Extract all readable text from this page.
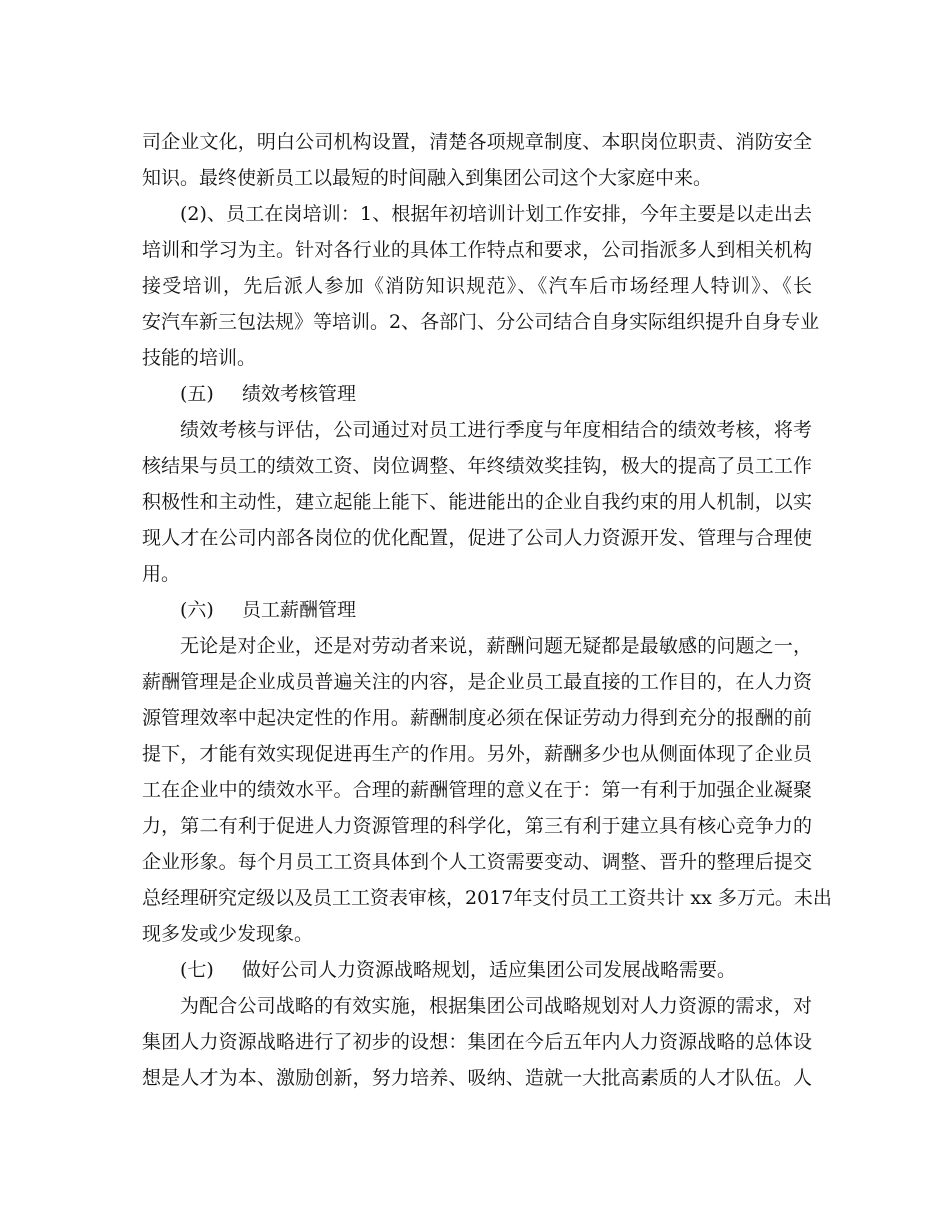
司企业文化，明白公司机构设置，清楚各项规章制度、本职岗位职责、消防安全
知识。最终使新员工以最短的时间融入到集团公司这个大家庭中来。
(2)、员工在岗培训：1、根据年初培训计划工作安排，今年主要是以走出去
培训和学习为主。针对各行业的具体工作特点和要求，公司指派多人到相关机构
接受培训，先后派人参加《消防知识规范》、《汽车后市场经理人特训》、《长
安汽车新三包法规》等培训。2、各部门、分公司结合自身实际组织提升自身专业
技能的培训。
(五) 绩效考核管理
绩效考核与评估，公司通过对员工进行季度与年度相结合的绩效考核，将考
核结果与员工的绩效工资、岗位调整、年终绩效奖挂钩，极大的提高了员工工作
积极性和主动性，建立起能上能下、能进能出的企业自我约束的用人机制，以实
现人才在公司内部各岗位的优化配置，促进了公司人力资源开发、管理与合理使
用。
(六) 员工薪酬管理
无论是对企业，还是对劳动者来说，薪酬问题无疑都是最敏感的问题之一，
薪酬管理是企业成员普遍关注的内容，是企业员工最直接的工作目的，在人力资
源管理效率中起决定性的作用。薪酬制度必须在保证劳动力得到充分的报酬的前
提下，才能有效实现促进再生产的作用。另外，薪酬多少也从侧面体现了企业员
工在企业中的绩效水平。合理的薪酬管理的意义在于：第一有利于加强企业凝聚
力，第二有利于促进人力资源管理的科学化，第三有利于建立具有核心竞争力的
企业形象。每个月员工工资具体到个人工资需要变动、调整、晋升的整理后提交
总经理研究定级以及员工工资表审核，2017年支付员工工资共计 xx 多万元。未出
现多发或少发现象。
(七) 做好公司人力资源战略规划，适应集团公司发展战略需要。
为配合公司战略的有效实施，根据集团公司战略规划对人力资源的需求，对
集团人力资源战略进行了初步的设想：集团在今后五年内人力资源战略的总体设
想是人才为本、激励创新，努力培养、吸纳、造就一大批高素质的人才队伍。人
